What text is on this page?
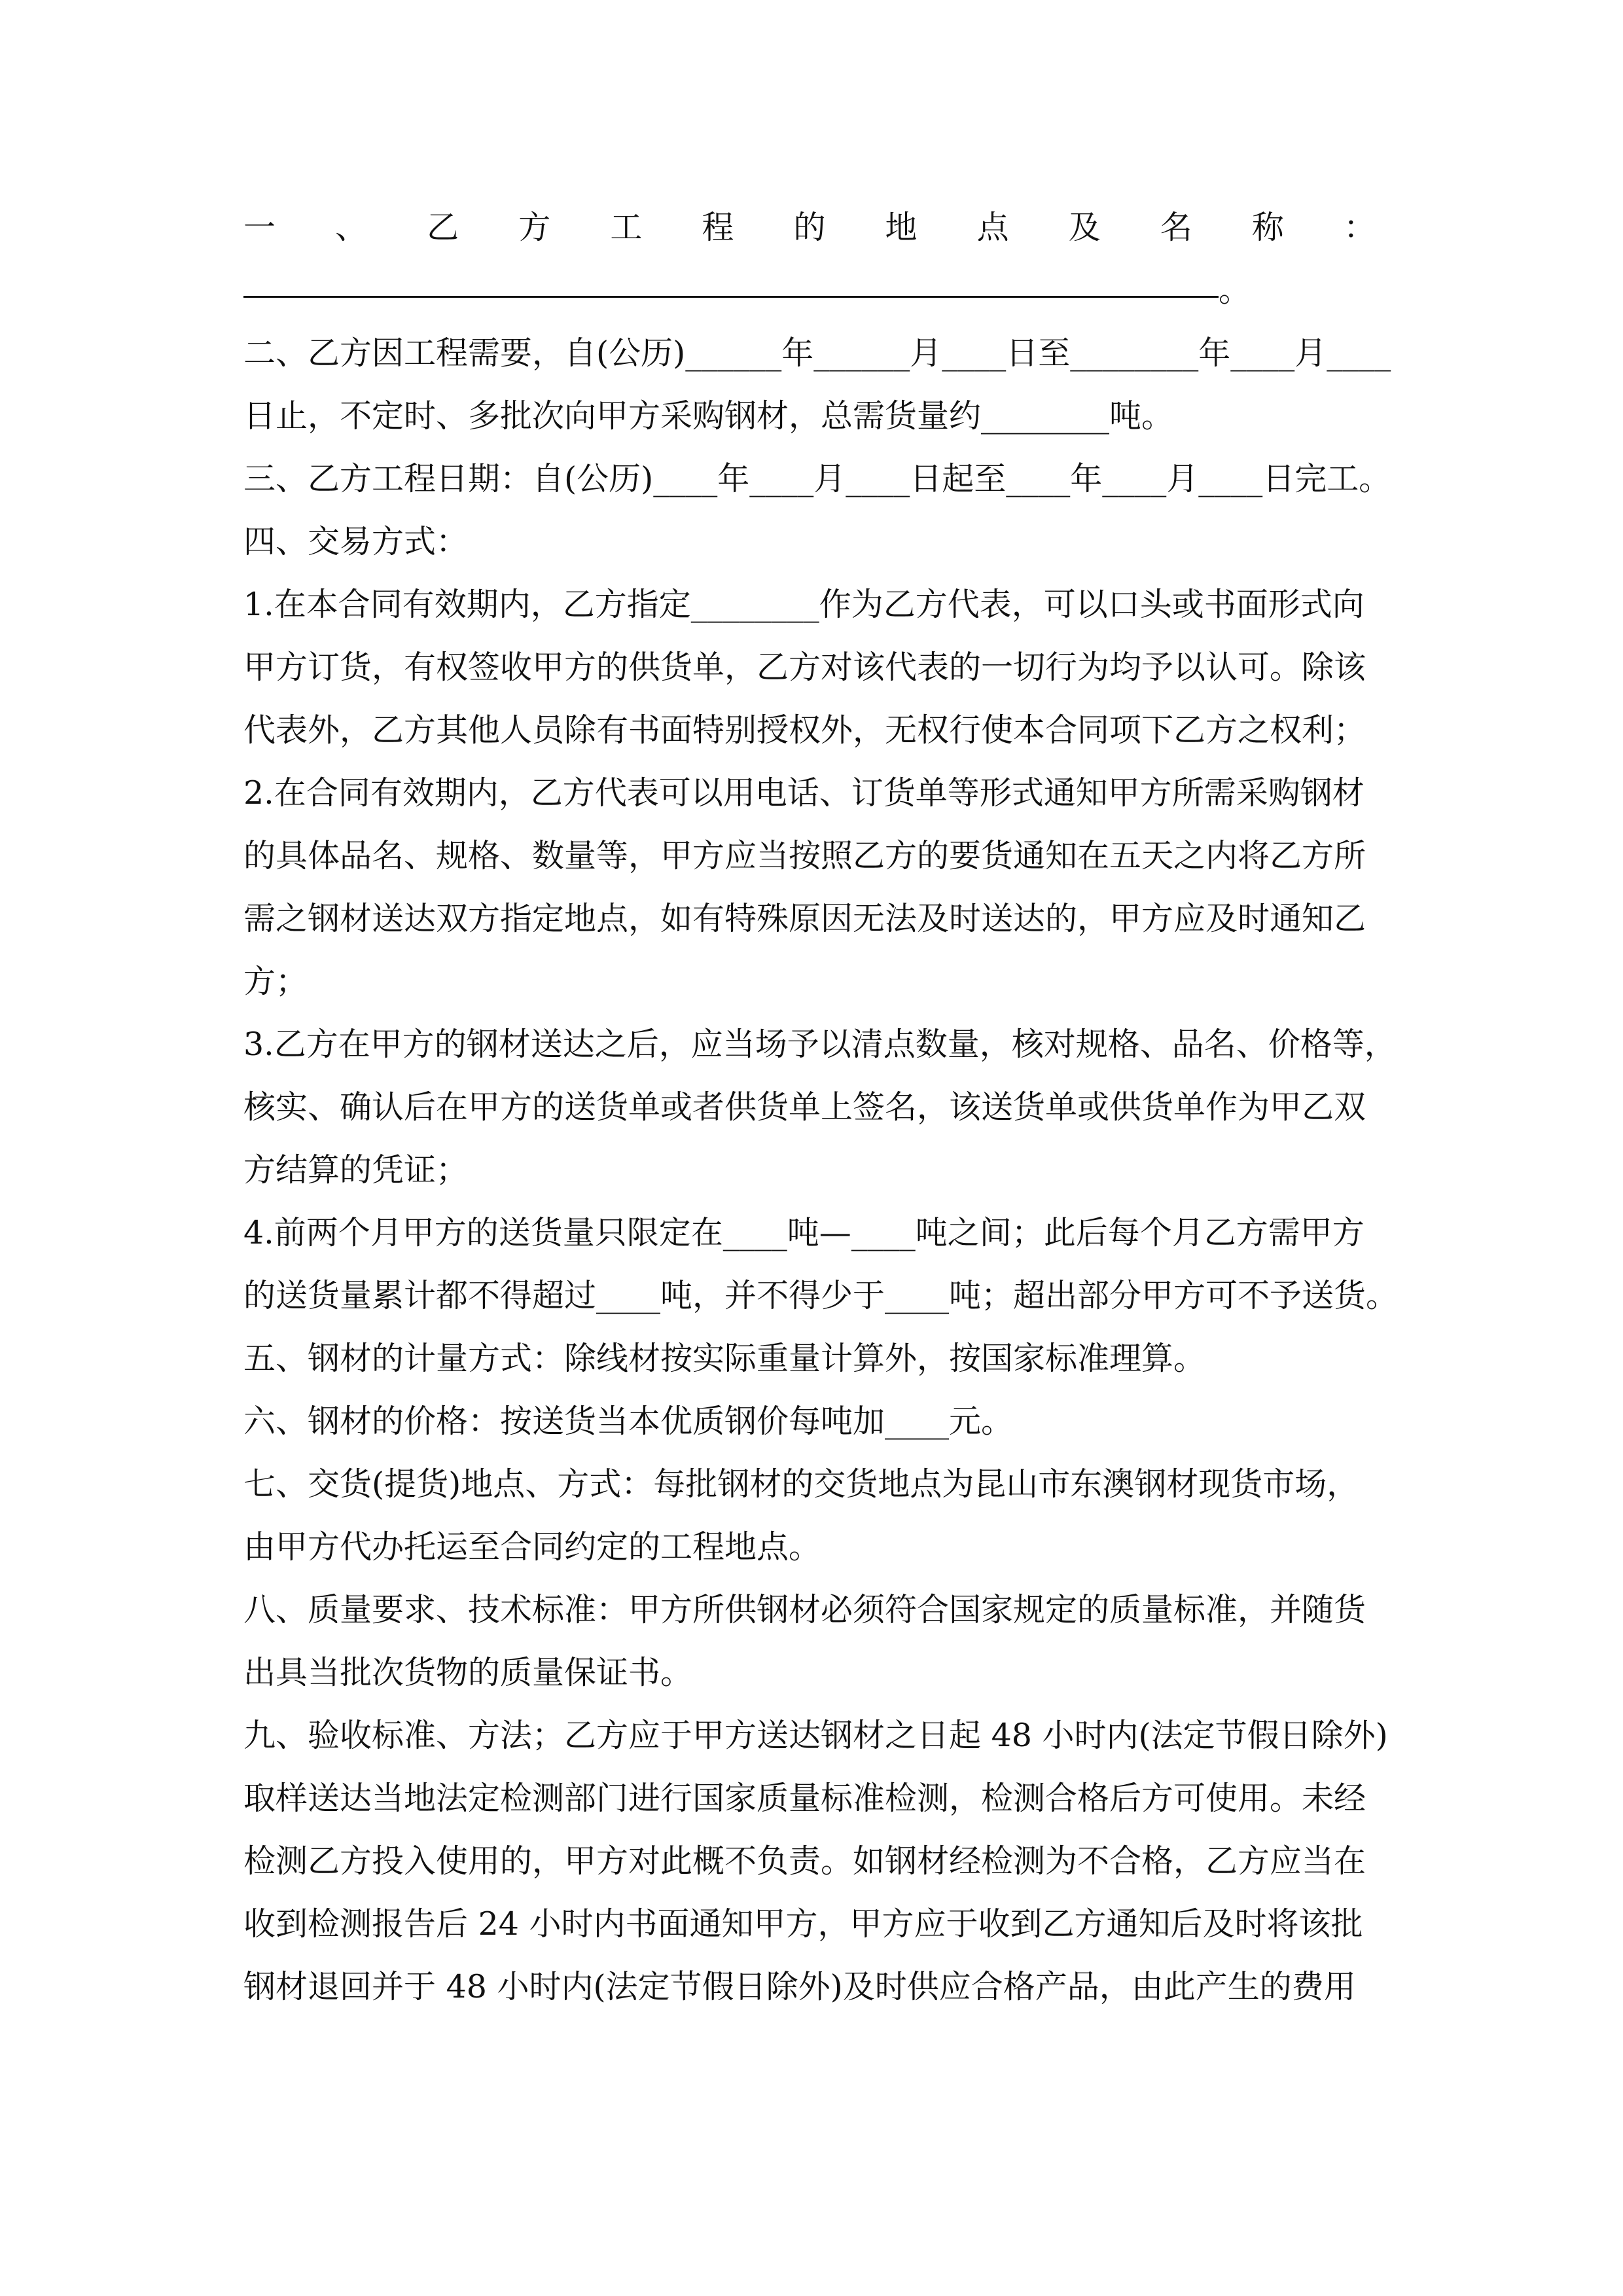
一 、 乙 方 工 程 的 地 点 及 名 称 ：
。
二、乙方因工程需要，自(公历)______年______月____日至________年____月____
日止，不定时、多批次向甲方采购钢材，总需货量约________吨。
三、乙方工程日期：自(公历)____年____月____日起至____年____月____日完工。
四、交易方式：
1.在本合同有效期内，乙方指定________作为乙方代表，可以口头或书面形式向
甲方订货，有权签收甲方的供货单，乙方对该代表的一切行为均予以认可。除该
代表外，乙方其他人员除有书面特别授权外，无权行使本合同项下乙方之权利；
2.在合同有效期内，乙方代表可以用电话、订货单等形式通知甲方所需采购钢材
的具体品名、规格、数量等，甲方应当按照乙方的要货通知在五天之内将乙方所
需之钢材送达双方指定地点，如有特殊原因无法及时送达的，甲方应及时通知乙
方；
3.乙方在甲方的钢材送达之后，应当场予以清点数量，核对规格、品名、价格等，
核实、确认后在甲方的送货单或者供货单上签名，该送货单或供货单作为甲乙双
方结算的凭证；
4.前两个月甲方的送货量只限定在____吨—____吨之间；此后每个月乙方需甲方
的送货量累计都不得超过____吨，并不得少于____吨；超出部分甲方可不予送货。
五、钢材的计量方式：除线材按实际重量计算外，按国家标准理算。
六、钢材的价格：按送货当本优质钢价每吨加____元。
七、交货(提货)地点、方式：每批钢材的交货地点为昆山市东澳钢材现货市场，
由甲方代办托运至合同约定的工程地点。
八、质量要求、技术标准：甲方所供钢材必须符合国家规定的质量标准，并随货
出具当批次货物的质量保证书。
九、验收标准、方法；乙方应于甲方送达钢材之日起 48 小时内(法定节假日除外)
取样送达当地法定检测部门进行国家质量标准检测，检测合格后方可使用。未经
检测乙方投入使用的，甲方对此概不负责。如钢材经检测为不合格，乙方应当在
收到检测报告后 24 小时内书面通知甲方，甲方应于收到乙方通知后及时将该批
钢材退回并于 48 小时内(法定节假日除外)及时供应合格产品，由此产生的费用
